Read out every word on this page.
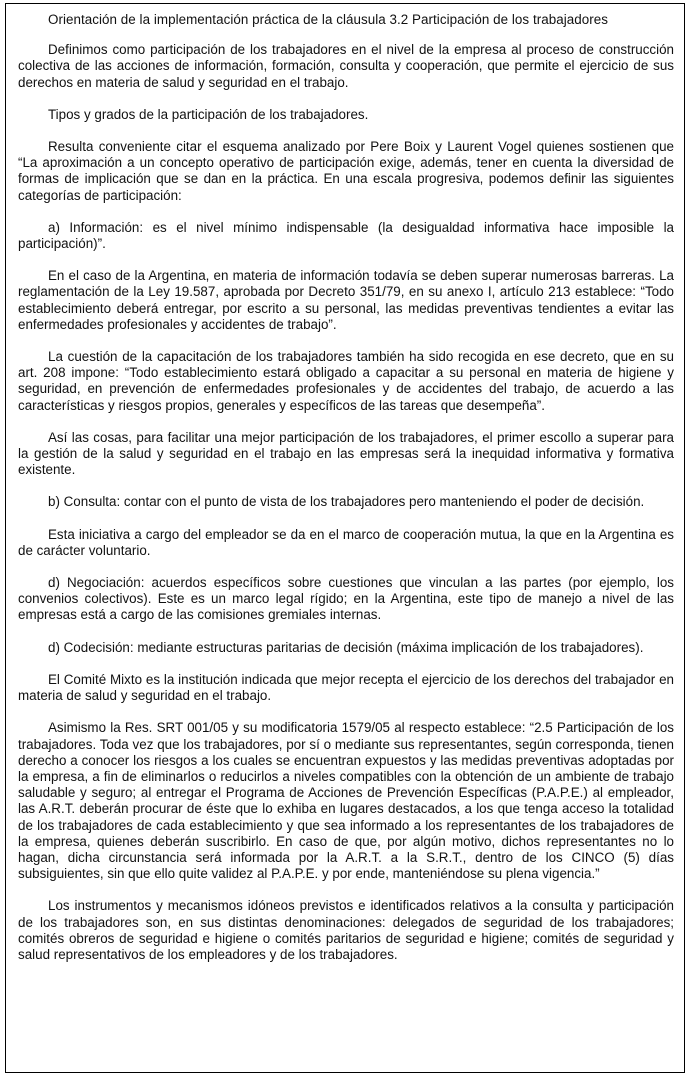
Orientación de la implementación práctica de la cláusula 3.2 Participación de los trabajadores

Definimos como participación de los trabajadores en el nivel de la empresa al proceso de construcción colectiva de las acciones de información, formación, consulta y cooperación, que permite el ejercicio de sus derechos en materia de salud y seguridad en el trabajo.

Tipos y grados de la participación de los trabajadores.

Resulta conveniente citar el esquema analizado por Pere Boix y Laurent Vogel quienes sostienen que “La aproximación a un concepto operativo de participación exige, además, tener en cuenta la diversidad de formas de implicación que se dan en la práctica. En una escala progresiva, podemos definir las siguientes categorías de participación:

a) Información: es el nivel mínimo indispensable (la desigualdad informativa hace imposible la participación)”.

En el caso de la Argentina, en materia de información todavía se deben superar numerosas barreras. La reglamentación de la Ley 19.587, aprobada por Decreto 351/79, en su anexo I, artículo 213 establece: “Todo establecimiento deberá entregar, por escrito a su personal, las medidas preventivas tendientes a evitar las enfermedades profesionales y accidentes de trabajo”.

La cuestión de la capacitación de los trabajadores también ha sido recogida en ese decreto, que en su art. 208 impone: “Todo establecimiento estará obligado a capacitar a su personal en materia de higiene y seguridad, en prevención de enfermedades profesionales y de accidentes del trabajo, de acuerdo a las características y riesgos propios, generales y específicos de las tareas que desempeña”.

Así las cosas, para facilitar una mejor participación de los trabajadores, el primer escollo a superar para la gestión de la salud y seguridad en el trabajo en las empresas será la inequidad informativa y formativa existente.

b) Consulta: contar con el punto de vista de los trabajadores pero manteniendo el poder de decisión.

Esta iniciativa a cargo del empleador se da en el marco de cooperación mutua, la que en la Argentina es de carácter voluntario.

d) Negociación: acuerdos específicos sobre cuestiones que vinculan a las partes (por ejemplo, los convenios colectivos). Este es un marco legal rígido; en la Argentina, este tipo de manejo a nivel de las empresas está a cargo de las comisiones gremiales internas.

d) Codecisión: mediante estructuras paritarias de decisión (máxima implicación de los trabajadores).

El Comité Mixto es la institución indicada que mejor recepta el ejercicio de los derechos del trabajador en materia de salud y seguridad en el trabajo.

Asimismo la Res. SRT 001/05 y su modificatoria 1579/05 al respecto establece: “2.5 Participación de los trabajadores. Toda vez que los trabajadores, por sí o mediante sus representantes, según corresponda, tienen derecho a conocer los riesgos a los cuales se encuentran expuestos y las medidas preventivas adoptadas por la empresa, a fin de eliminarlos o reducirlos a niveles compatibles con la obtención de un ambiente de trabajo saludable y seguro; al entregar el Programa de Acciones de Prevención Específicas (P.A.P.E.) al empleador, las A.R.T. deberán procurar de éste que lo exhiba en lugares destacados, a los que tenga acceso la totalidad de los trabajadores de cada establecimiento y que sea informado a los representantes de los trabajadores de la empresa, quienes deberán suscribirlo. En caso de que, por algún motivo, dichos representantes no lo hagan, dicha circunstancia será informada por la A.R.T. a la S.R.T., dentro de los CINCO (5) días subsiguientes, sin que ello quite validez al P.A.P.E. y por ende, manteniéndose su plena vigencia.”

Los instrumentos y mecanismos idóneos previstos e identificados relativos a la consulta y participación de los trabajadores son, en sus distintas denominaciones: delegados de seguridad de los trabajadores; comités obreros de seguridad e higiene o comités paritarios de seguridad e higiene; comités de seguridad y salud representativos de los empleadores y de los trabajadores.
